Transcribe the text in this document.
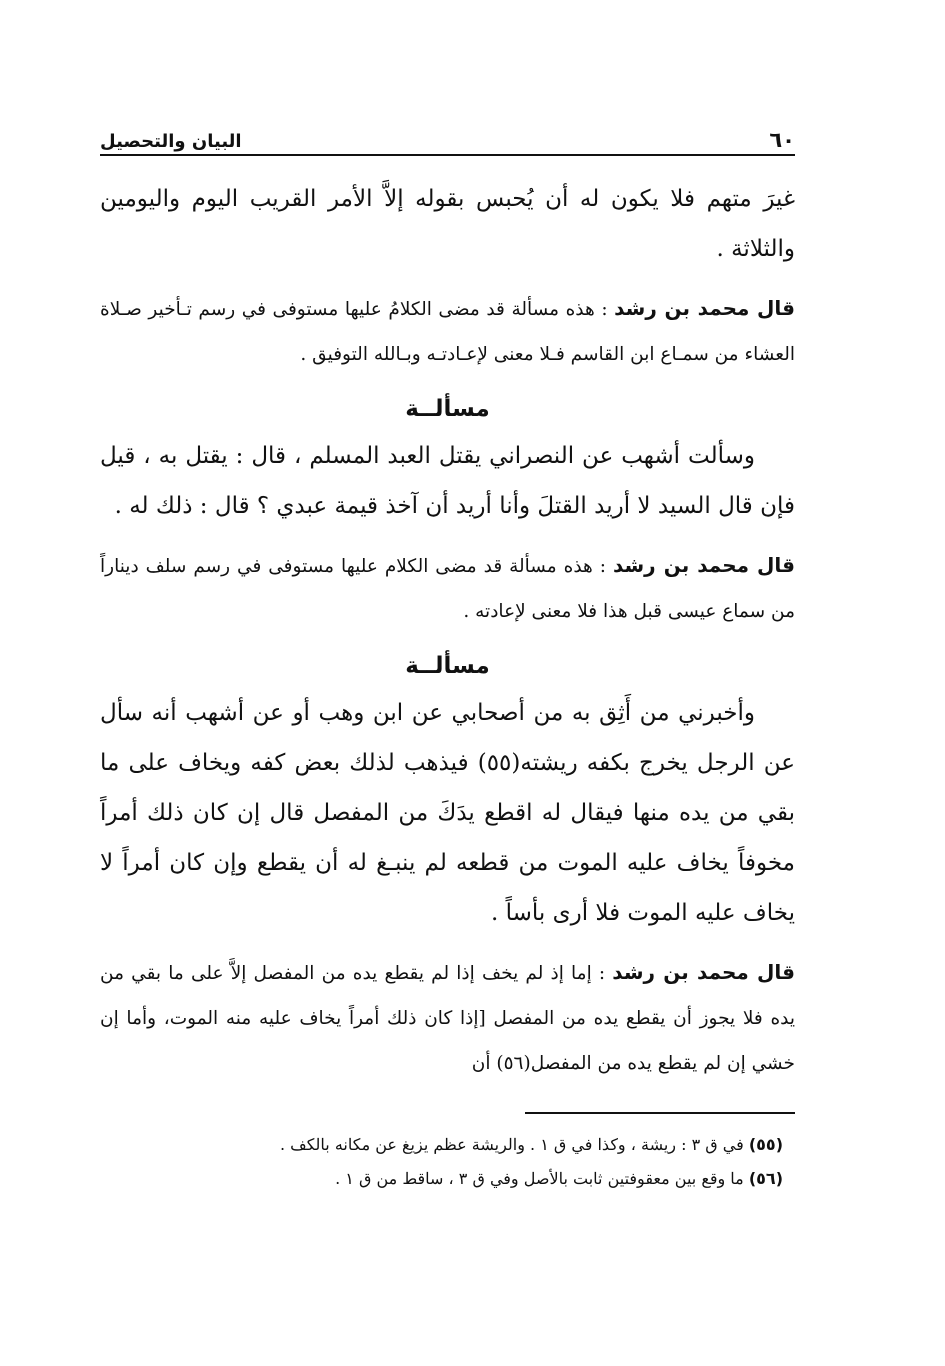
٦٠
البيان والتحصيل

غيرَ متهم فلا يكون له أن يُحبس بقوله إلاَّ الأمر القريب اليوم واليومين والثلاثة .

قال محمد بن رشد : هذه مسألة قد مضى الكلامُ عليها مستوفى في رسم تـأخير صـلاة العشاء من سمـاع ابن القاسم فـلا معنى لإعـادتـه وبـالله التوفيق .

مسألــة

وسألت أشهب عن النصراني يقتل العبد المسلم ، قال : يقتل به ، قيل فإن قال السيد لا أريد القتلَ وأنا أريد أن آخذ قيمة عبدي ؟ قال : ذلك له .

قال محمد بن رشد : هذه مسألة قد مضى الكلام عليها مستوفى في رسم سلف ديناراً من سماع عيسى قبل هذا فلا معنى لإعادته .

مسألــة

وأخبرني من أَثِق به من أصحابي عن ابن وهب أو عن أشهب أنه سأل عن الرجل يخرج بكفه ريشته(٥٥) فيذهب لذلك بعض كفه ويخاف على ما بقي من يده منها فيقال له اقطع يدَكَ من المفصل قال إن كان ذلك أمراً مخوفاً يخاف عليه الموت من قطعه لم ينبـغ له أن يقطع وإن كان أمراً لا يخاف عليه الموت فلا أرى بأساً .

قال محمد بن رشد : إما إذ لم يخف إذا لم يقطع يده من المفصل إلاَّ على ما بقي من يده فلا يجوز أن يقطع يده من المفصل [إذا كان ذلك أمراً يخاف عليه منه الموت، وأما إن خشي إن لم يقطع يده من المفصل(٥٦) أن

(٥٥) في ق ٣ : ريشة ، وكذا في ق ١ . والريشة عظم يزيغ عن مكانه بالكف .
(٥٦) ما وقع بين معقوفتين ثابت بالأصل وفي ق ٣ ، ساقط من ق ١ .
